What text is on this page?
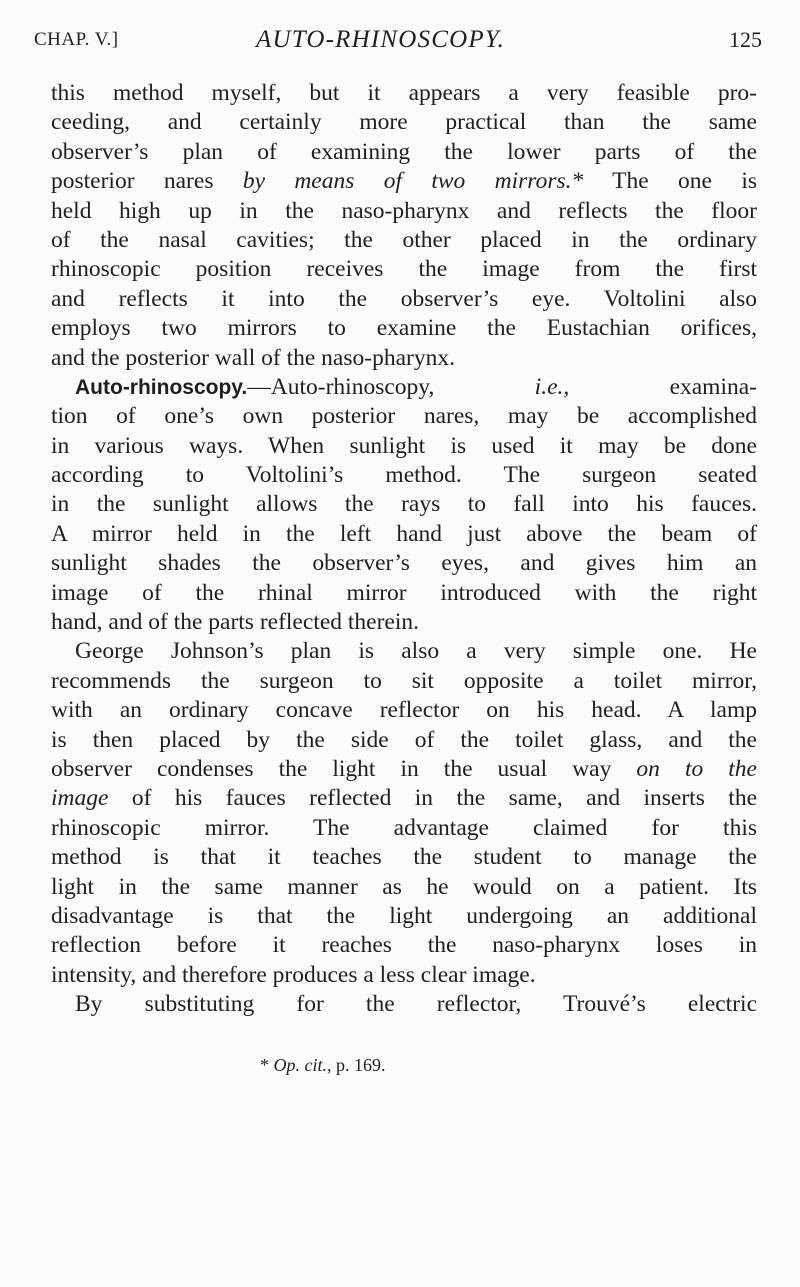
CHAP. V.]	AUTO-RHINOSCOPY.	125
this method myself, but it appears a very feasible pro-
ceeding, and certainly more practical than the same
observer’s plan of examining the lower parts of the
posterior nares by means of two mirrors.* The one is
held high up in the naso-pharynx and reflects the floor
of the nasal cavities; the other placed in the ordinary
rhinoscopic position receives the image from the first
and reflects it into the observer’s eye. Voltolini also
employs two mirrors to examine the Eustachian orifices,
and the posterior wall of the naso-pharynx.
Auto-rhinoscopy.—Auto-rhinoscopy, i.e., examina-
tion of one’s own posterior nares, may be accomplished
in various ways. When sunlight is used it may be done
according to Voltolini’s method. The surgeon seated
in the sunlight allows the rays to fall into his fauces.
A mirror held in the left hand just above the beam of
sunlight shades the observer’s eyes, and gives him an
image of the rhinal mirror introduced with the right
hand, and of the parts reflected therein.
George Johnson’s plan is also a very simple one. He
recommends the surgeon to sit opposite a toilet mirror,
with an ordinary concave reflector on his head. A lamp
is then placed by the side of the toilet glass, and the
observer condenses the light in the usual way on to the
image of his fauces reflected in the same, and inserts the
rhinoscopic mirror. The advantage claimed for this
method is that it teaches the student to manage the
light in the same manner as he would on a patient. Its
disadvantage is that the light undergoing an additional
reflection before it reaches the naso-pharynx loses in
intensity, and therefore produces a less clear image.
By substituting for the reflector, Trouvé’s electric
* Op. cit., p. 169.
